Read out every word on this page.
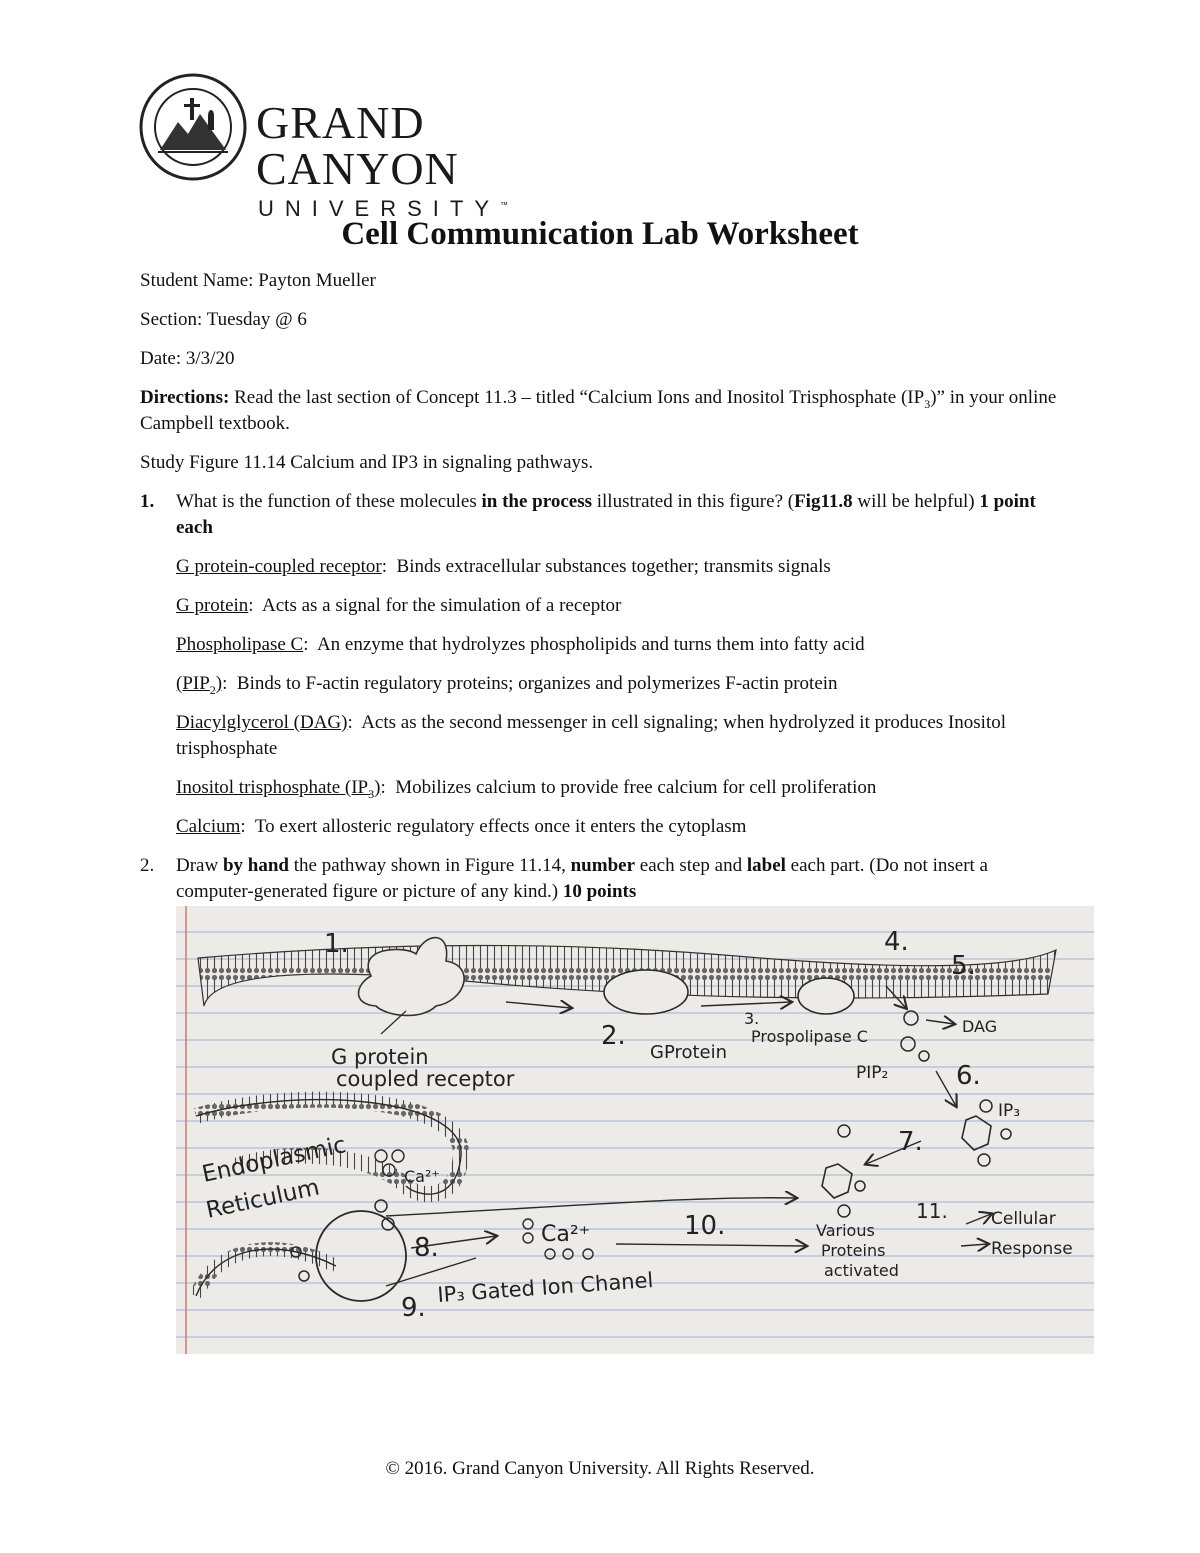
GRAND CANYON
UNIVERSITY™
Cell Communication Lab Worksheet

Student Name: Payton Mueller

Section: Tuesday @ 6

Date: 3/3/20

Directions: Read the last section of Concept 11.3 – titled “Calcium Ions and Inositol Trisphosphate $(IP_3)$” in your online Campbell textbook.

Study Figure 11.14 Calcium and IP3 in signaling pathways.

1. What is the function of these molecules in the process illustrated in this figure? (Fig11.8 will be helpful) 1 point each

G protein-coupled receptor:  Binds extracellular substances together; transmits signals

G protein:  Acts as a signal for the simulation of a receptor

Phospholipase C:  An enzyme that hydrolyzes phospholipids and turns them into fatty acid

$(PIP_2)$:  Binds to F-actin regulatory proteins; organizes and polymerizes F-actin protein

Diacylglycerol (DAG):  Acts as the second messenger in cell signaling; when hydrolyzed it produces Inositol trisphosphate

Inositol trisphosphate $(IP_3)$:  Mobilizes calcium to provide free calcium for cell proliferation

Calcium:  To exert allosteric regulatory effects once it enters the cytoplasm

2. Draw by hand the pathway shown in Figure 11.14, number each step and label each part. (Do not insert a computer-generated figure or picture of any kind.) 10 points

1.
2.
4.
5.
6.
7.
8.
9.
10.	11.
3.
G protein
coupled receptor
GProtein
Prospolipase C
DAG
PIP₂
IP₃
Endoplasmic
Reticulum	Ca²⁺
Ca²⁺
IP₃ Gated Ion Chanel
Various
Proteins
activated
Cellular
Response
© 2016. Grand Canyon University. All Rights Reserved.
